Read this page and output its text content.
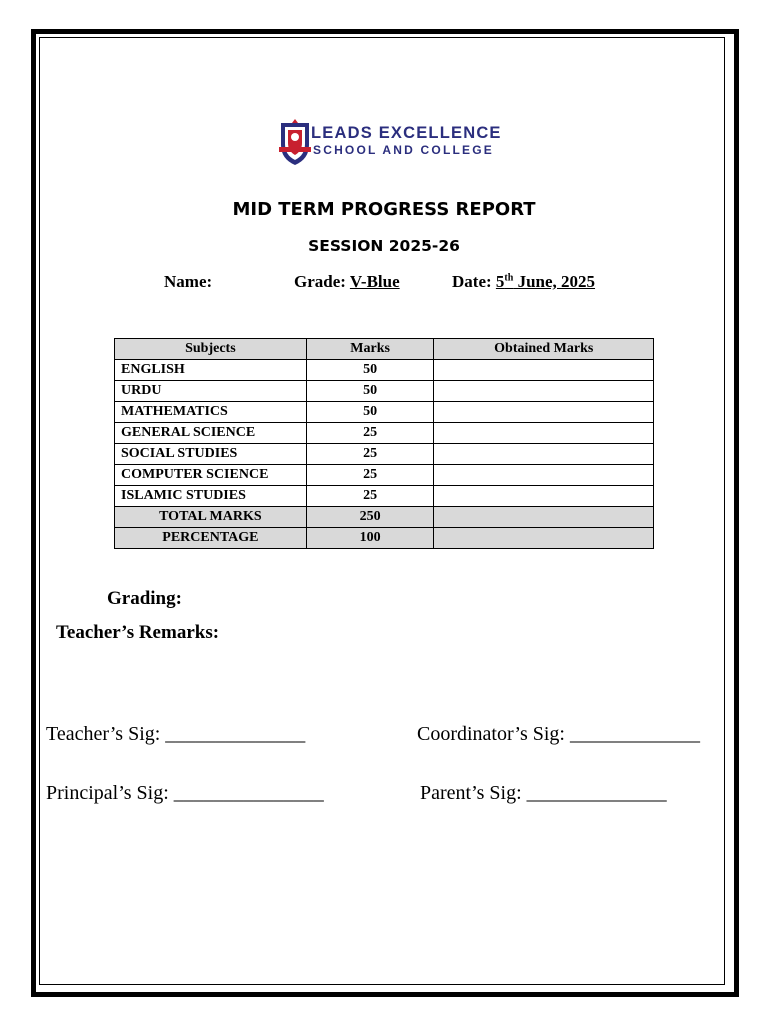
LEADS EXCELLENCE
SCHOOL AND COLLEGE
MID TERM PROGRESS REPORT
SESSION 2025-26
Name:	Grade: V-Blue	Date: 5th June, 2025
Subjects	Marks	Obtained Marks
ENGLISH	50	
URDU	50	
MATHEMATICS	50	
GENERAL SCIENCE	25	
SOCIAL STUDIES	25	
COMPUTER SCIENCE	25	
ISLAMIC STUDIES	25	
TOTAL MARKS	250	
PERCENTAGE	100	
Grading:
Teacher’s Remarks:
Teacher’s Sig: ______________	Coordinator’s Sig: _____________
Principal’s Sig: _______________	Parent’s Sig: ______________
